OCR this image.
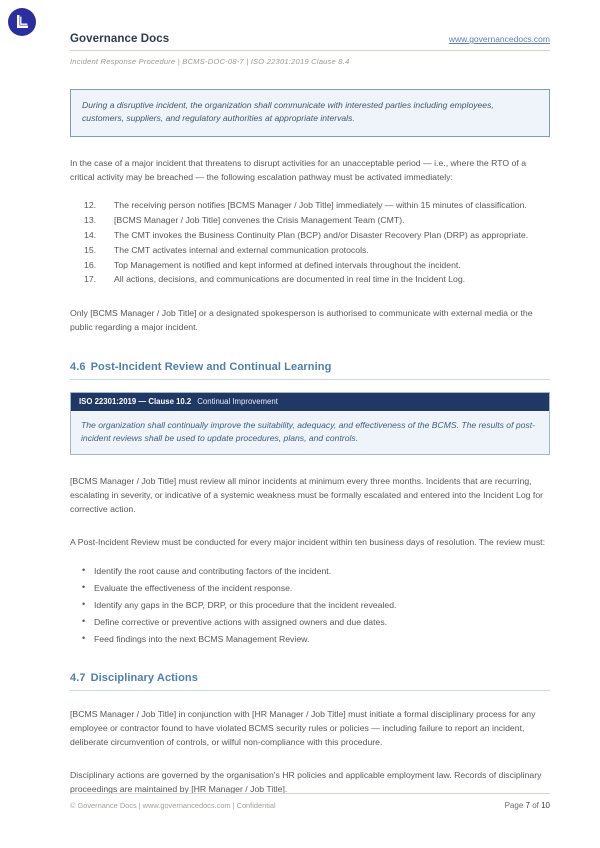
Governance Docs	www.governancedocs.com
Incident Response Procedure | BCMS-DOC-08-7 | ISO 22301:2019 Clause 8.4
During a disruptive incident, the organization shall communicate with interested parties including employees, customers, suppliers, and regulatory authorities at appropriate intervals.

In the case of a major incident that threatens to disrupt activities for an unacceptable period — i.e., where the RTO of a critical activity may be breached — the following escalation pathway must be activated immediately:

12.	The receiving person notifies [BCMS Manager / Job Title] immediately — within 15 minutes of classification.
13.	[BCMS Manager / Job Title] convenes the Crisis Management Team (CMT).
14.	The CMT invokes the Business Continuity Plan (BCP) and/or Disaster Recovery Plan (DRP) as appropriate.
15.	The CMT activates internal and external communication protocols.
16.	Top Management is notified and kept informed at defined intervals throughout the incident.
17.	All actions, decisions, and communications are documented in real time in the Incident Log.

Only [BCMS Manager / Job Title] or a designated spokesperson is authorised to communicate with external media or the public regarding a major incident.

4.6 Post-Incident Review and Continual Learning
ISO 22301:2019 — Clause 10.2 Continual Improvement

The organization shall continually improve the suitability, adequacy, and effectiveness of the BCMS. The results of post-incident reviews shall be used to update procedures, plans, and controls.

[BCMS Manager / Job Title] must review all minor incidents at minimum every three months. Incidents that are recurring, escalating in severity, or indicative of a systemic weakness must be formally escalated and entered into the Incident Log for corrective action.

A Post-Incident Review must be conducted for every major incident within ten business days of resolution. The review must:

• Identify the root cause and contributing factors of the incident.
• Evaluate the effectiveness of the incident response.
• Identify any gaps in the BCP, DRP, or this procedure that the incident revealed.
• Define corrective or preventive actions with assigned owners and due dates.
• Feed findings into the next BCMS Management Review.
4.7 Disciplinary Actions

[BCMS Manager / Job Title] in conjunction with [HR Manager / Job Title] must initiate a formal disciplinary process for any employee or contractor found to have violated BCMS security rules or policies — including failure to report an incident, deliberate circumvention of controls, or wilful non-compliance with this procedure.

Disciplinary actions are governed by the organisation's HR policies and applicable employment law. Records of disciplinary proceedings are maintained by [HR Manager / Job Title].

© Governance Docs | www.governancedocs.com | Confidential	Page 7 of 10
